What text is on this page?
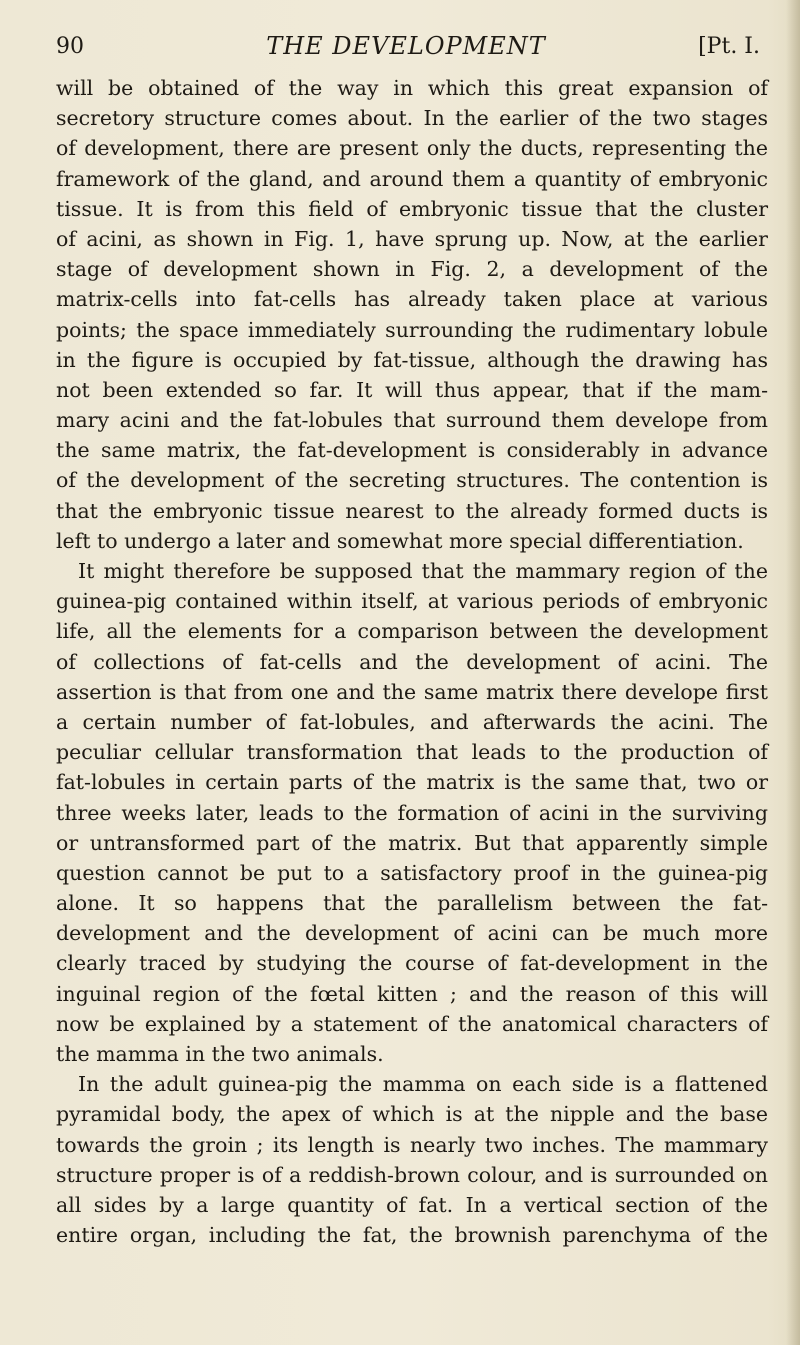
90	THE DEVELOPMENT	[Pt. I.
will be obtained of the way in which this great expansion of
secretory structure comes about. In the earlier of the two stages
of development, there are present only the ducts, representing the
framework of the gland, and around them a quantity of embryonic
tissue. It is from this field of embryonic tissue that the cluster
of acini, as shown in Fig. 1, have sprung up. Now, at the earlier
stage of development shown in Fig. 2, a development of the
matrix-cells into fat-cells has already taken place at various
points; the space immediately surrounding the rudimentary lobule
in the figure is occupied by fat-tissue, although the drawing has
not been extended so far. It will thus appear, that if the mam-
mary acini and the fat-lobules that surround them develope from
the same matrix, the fat-development is considerably in advance
of the development of the secreting structures. The contention is
that the embryonic tissue nearest to the already formed ducts is
left to undergo a later and somewhat more special differentiation.
It might therefore be supposed that the mammary region of the
guinea-pig contained within itself, at various periods of embryonic
life, all the elements for a comparison between the development
of collections of fat-cells and the development of acini. The
assertion is that from one and the same matrix there develope first
a certain number of fat-lobules, and afterwards the acini. The
peculiar cellular transformation that leads to the production of
fat-lobules in certain parts of the matrix is the same that, two or
three weeks later, leads to the formation of acini in the surviving
or untransformed part of the matrix. But that apparently simple
question cannot be put to a satisfactory proof in the guinea-pig
alone. It so happens that the parallelism between the fat-
development and the development of acini can be much more
clearly traced by studying the course of fat-development in the
inguinal region of the fœtal kitten ; and the reason of this will
now be explained by a statement of the anatomical characters of
the mamma in the two animals.
In the adult guinea-pig the mamma on each side is a flattened
pyramidal body, the apex of which is at the nipple and the base
towards the groin ; its length is nearly two inches. The mammary
structure proper is of a reddish-brown colour, and is surrounded on
all sides by a large quantity of fat. In a vertical section of the
entire organ, including the fat, the brownish parenchyma of the
